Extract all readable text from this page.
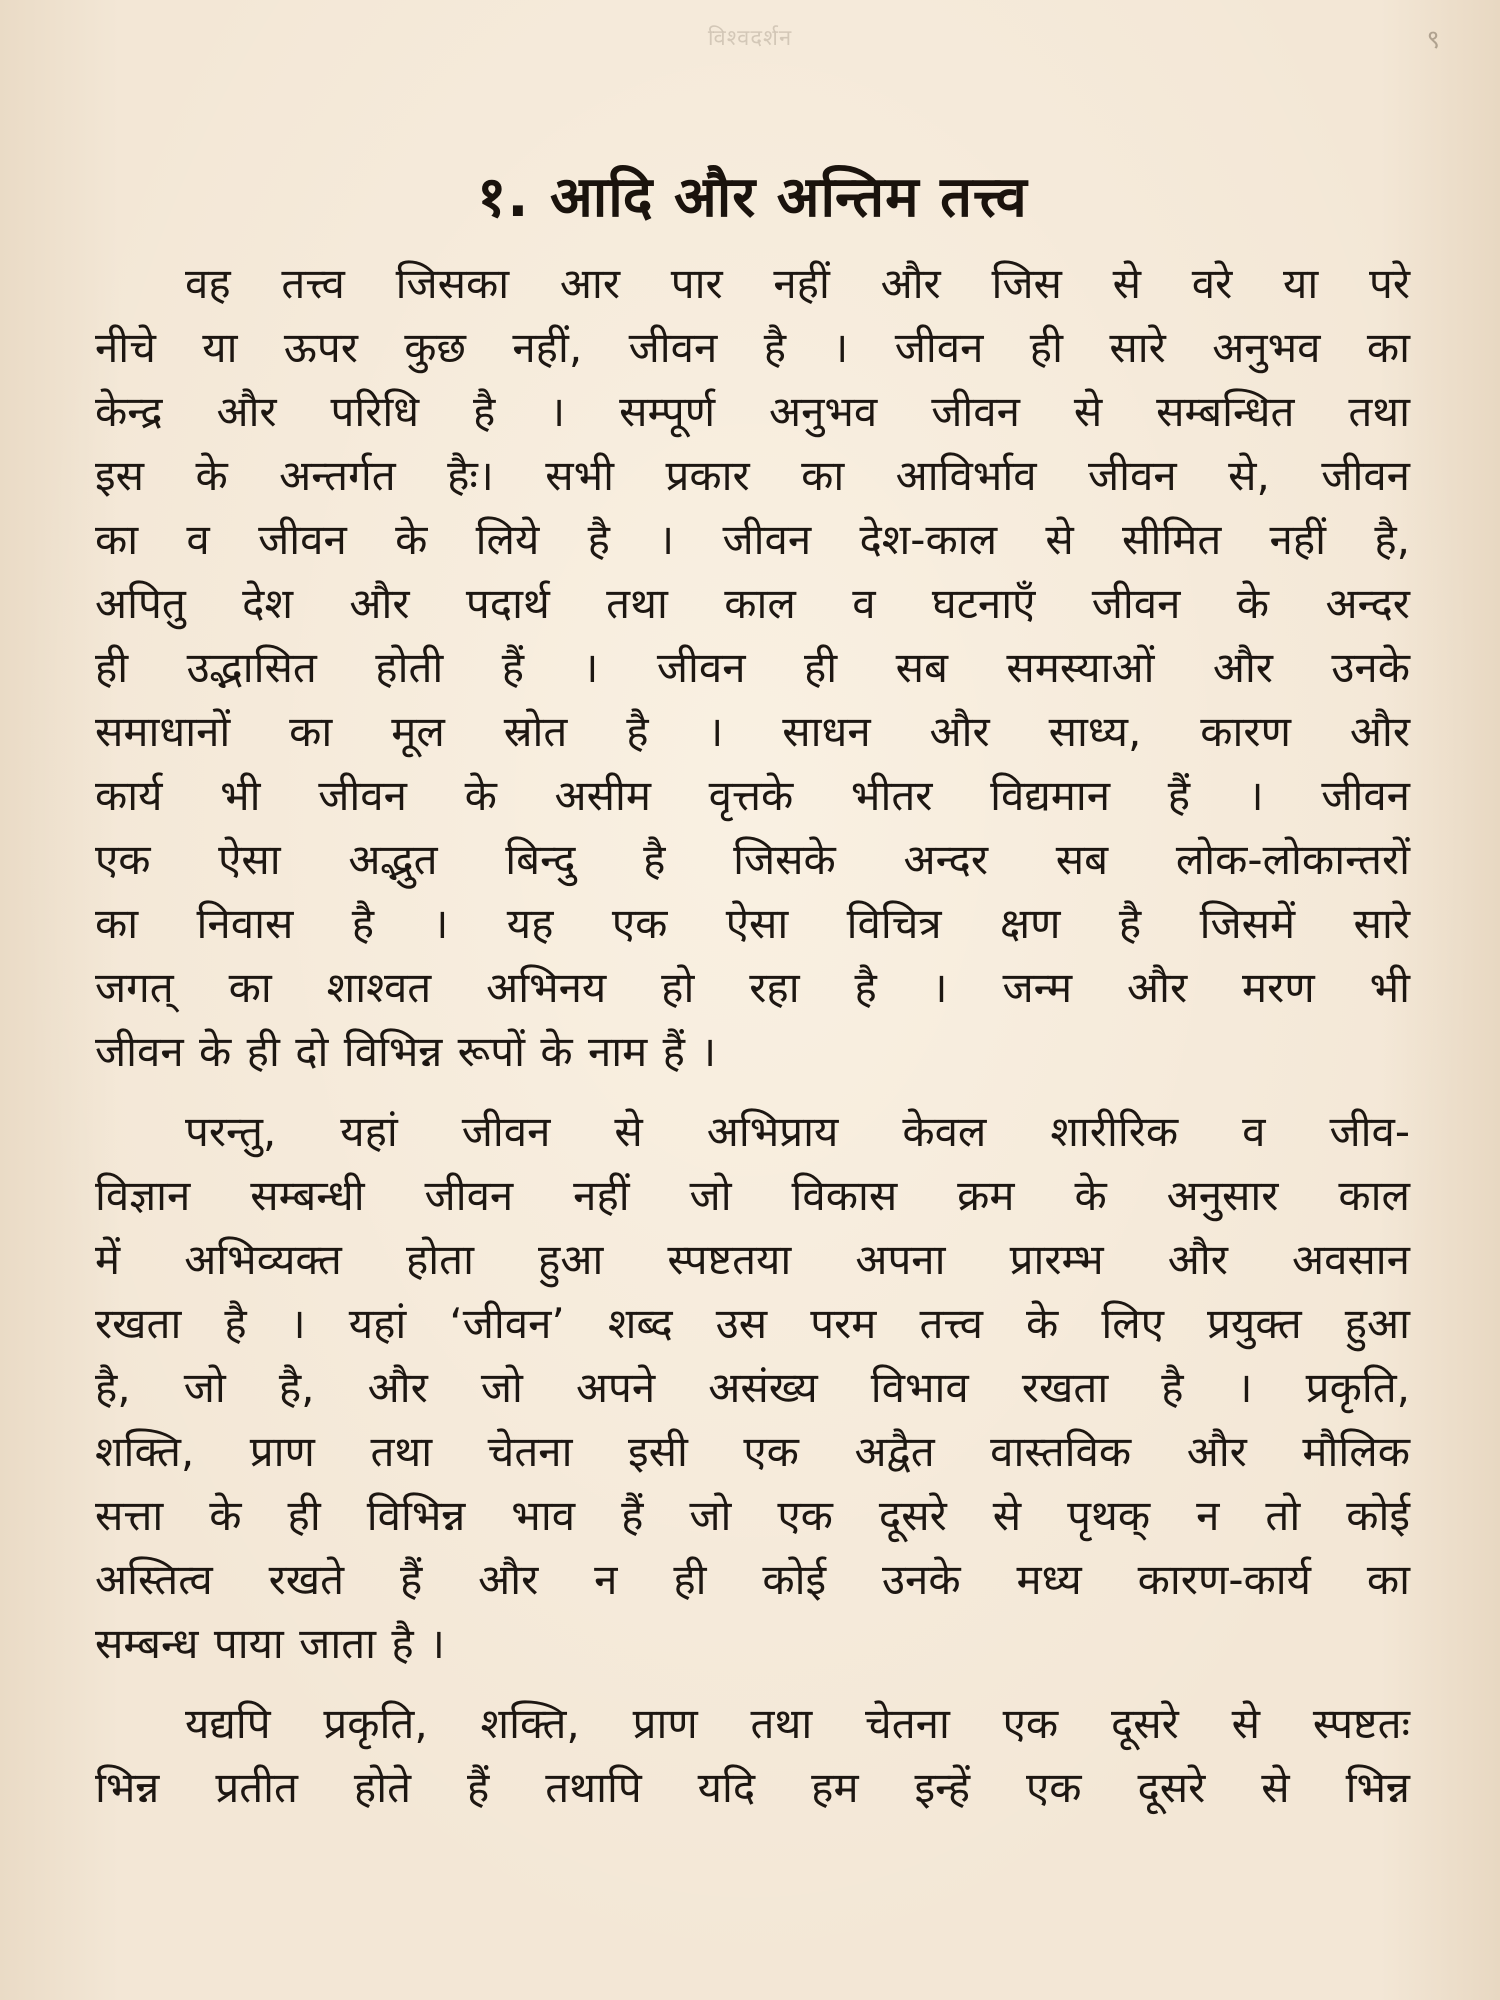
विश्वदर्शन	९
१. आदि और अन्तिम तत्त्व

वह तत्त्व जिसका आर पार नहीं और जिस से वरे या परे
नीचे या ऊपर कुछ नहीं, जीवन है । जीवन ही सारे अनुभव का
केन्द्र और परिधि है । सम्पूर्ण अनुभव जीवन से सम्बन्धित तथा
इस के अन्तर्गत हैः। सभी प्रकार का आविर्भाव जीवन से, जीवन
का व जीवन के लिये है । जीवन देश-काल से सीमित नहीं है,
अपितु देश और पदार्थ तथा काल व घटनाएँ जीवन के अन्दर
ही उद्भासित होती हैं । जीवन ही सब समस्याओं और उनके
समाधानों का मूल स्रोत है । साधन और साध्य, कारण और
कार्य भी जीवन के असीम वृत्तके भीतर विद्यमान हैं । जीवन
एक ऐसा अद्भुत बिन्दु है जिसके अन्दर सब लोक-लोकान्तरों
का निवास है । यह एक ऐसा विचित्र क्षण है जिसमें सारे
जगत् का शाश्वत अभिनय हो रहा है । जन्म और मरण भी
जीवन के ही दो विभिन्न रूपों के नाम हैं ।

परन्तु, यहां जीवन से अभिप्राय केवल शारीरिक व जीव-
विज्ञान सम्बन्धी जीवन नहीं जो विकास क्रम के अनुसार काल
में अभिव्यक्त होता हुआ स्पष्टतया अपना प्रारम्भ और अवसान
रखता है । यहां ‘जीवन’ शब्द उस परम तत्त्व के लिए प्रयुक्त हुआ
है, जो है, और जो अपने असंख्य विभाव रखता है । प्रकृति,
शक्ति, प्राण तथा चेतना इसी एक अद्वैत वास्तविक और मौलिक
सत्ता के ही विभिन्न भाव हैं जो एक दूसरे से पृथक् न तो कोई
अस्तित्व रखते हैं और न ही कोई उनके मध्य कारण-कार्य का
सम्बन्ध पाया जाता है ।

यद्यपि प्रकृति, शक्ति, प्राण तथा चेतना एक दूसरे से स्पष्टतः
भिन्न प्रतीत होते हैं तथापि यदि हम इन्हें एक दूसरे से भिन्न
